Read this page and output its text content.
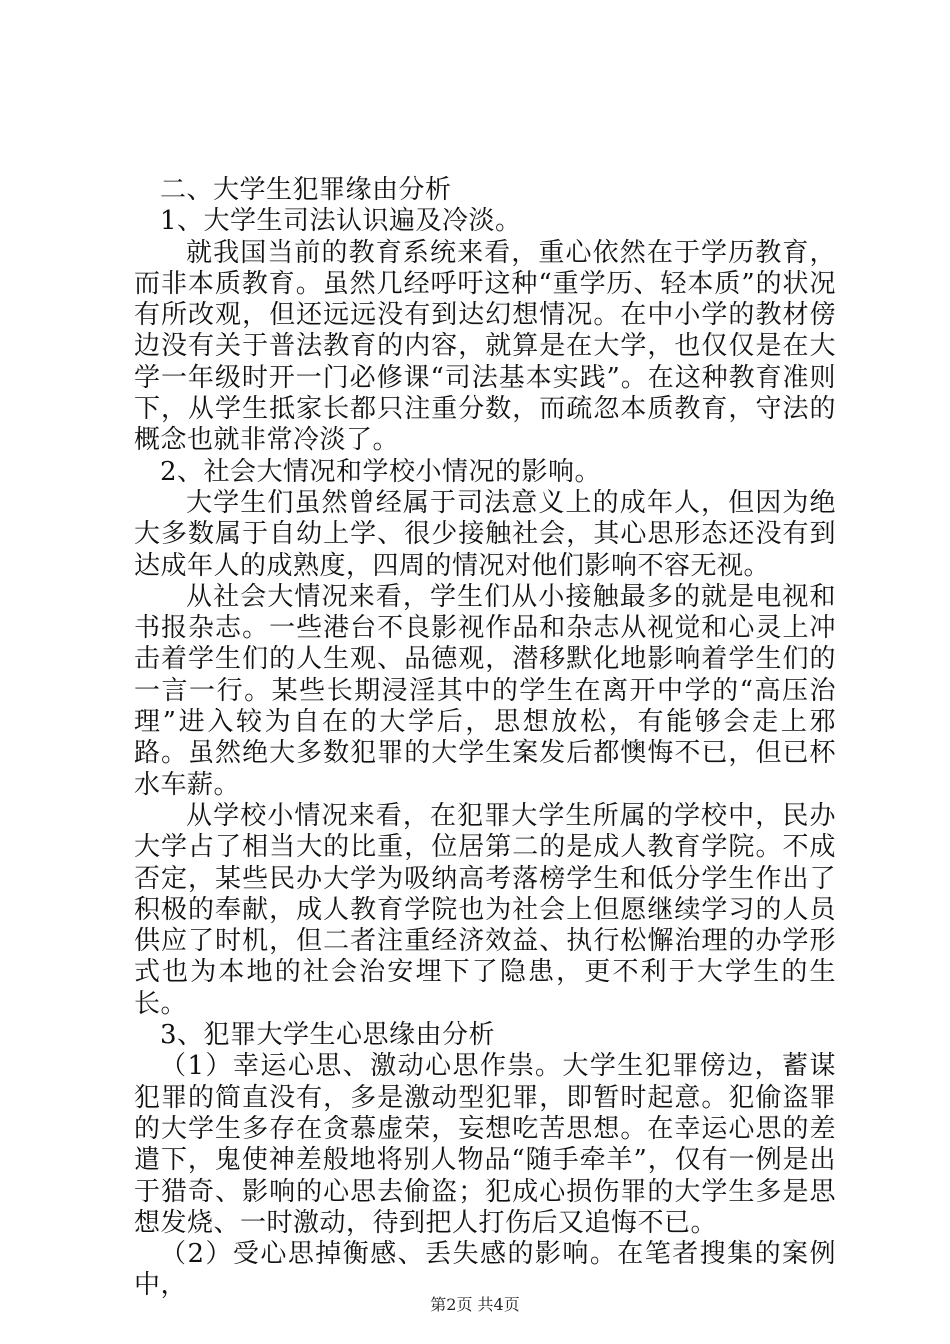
二、大学生犯罪缘由分析

1、大学生司法认识遍及冷淡。

就我国当前的教育系统来看，重心依然在于学历教育，而非本质教育。虽然几经呼吁这种“重学历、轻本质”的状况有所改观，但还远远没有到达幻想情况。在中小学的教材傍边没有关于普法教育的内容，就算是在大学，也仅仅是在大学一年级时开一门必修课“司法基本实践”。在这种教育准则下，从学生抵家长都只注重分数，而疏忽本质教育，守法的概念也就非常冷淡了。

2、社会大情况和学校小情况的影响。

大学生们虽然曾经属于司法意义上的成年人，但因为绝大多数属于自幼上学、很少接触社会，其心思形态还没有到达成年人的成熟度，四周的情况对他们影响不容无视。

从社会大情况来看，学生们从小接触最多的就是电视和书报杂志。一些港台不良影视作品和杂志从视觉和心灵上冲击着学生们的人生观、品德观，潜移默化地影响着学生们的一言一行。某些长期浸淫其中的学生在离开中学的“高压治理”进入较为自在的大学后，思想放松，有能够会走上邪路。虽然绝大多数犯罪的大学生案发后都懊悔不已，但已杯水车薪。

从学校小情况来看，在犯罪大学生所属的学校中，民办大学占了相当大的比重，位居第二的是成人教育学院。不成否定，某些民办大学为吸纳高考落榜学生和低分学生作出了积极的奉献，成人教育学院也为社会上但愿继续学习的人员供应了时机，但二者注重经济效益、执行松懈治理的办学形式也为本地的社会治安埋下了隐患，更不利于大学生的生长。

3、犯罪大学生心思缘由分析

（1）幸运心思、激动心思作祟。大学生犯罪傍边，蓄谋犯罪的简直没有，多是激动型犯罪，即暂时起意。犯偷盗罪的大学生多存在贪慕虚荣，妄想吃苦思想。在幸运心思的差遣下，鬼使神差般地将别人物品“随手牵羊”，仅有一例是出于猎奇、影响的心思去偷盗；犯成心损伤罪的大学生多是思想发烧、一时激动，待到把人打伤后又追悔不已。

（2）受心思掉衡感、丢失感的影响。在笔者搜集的案例中，

第2页 共4页
